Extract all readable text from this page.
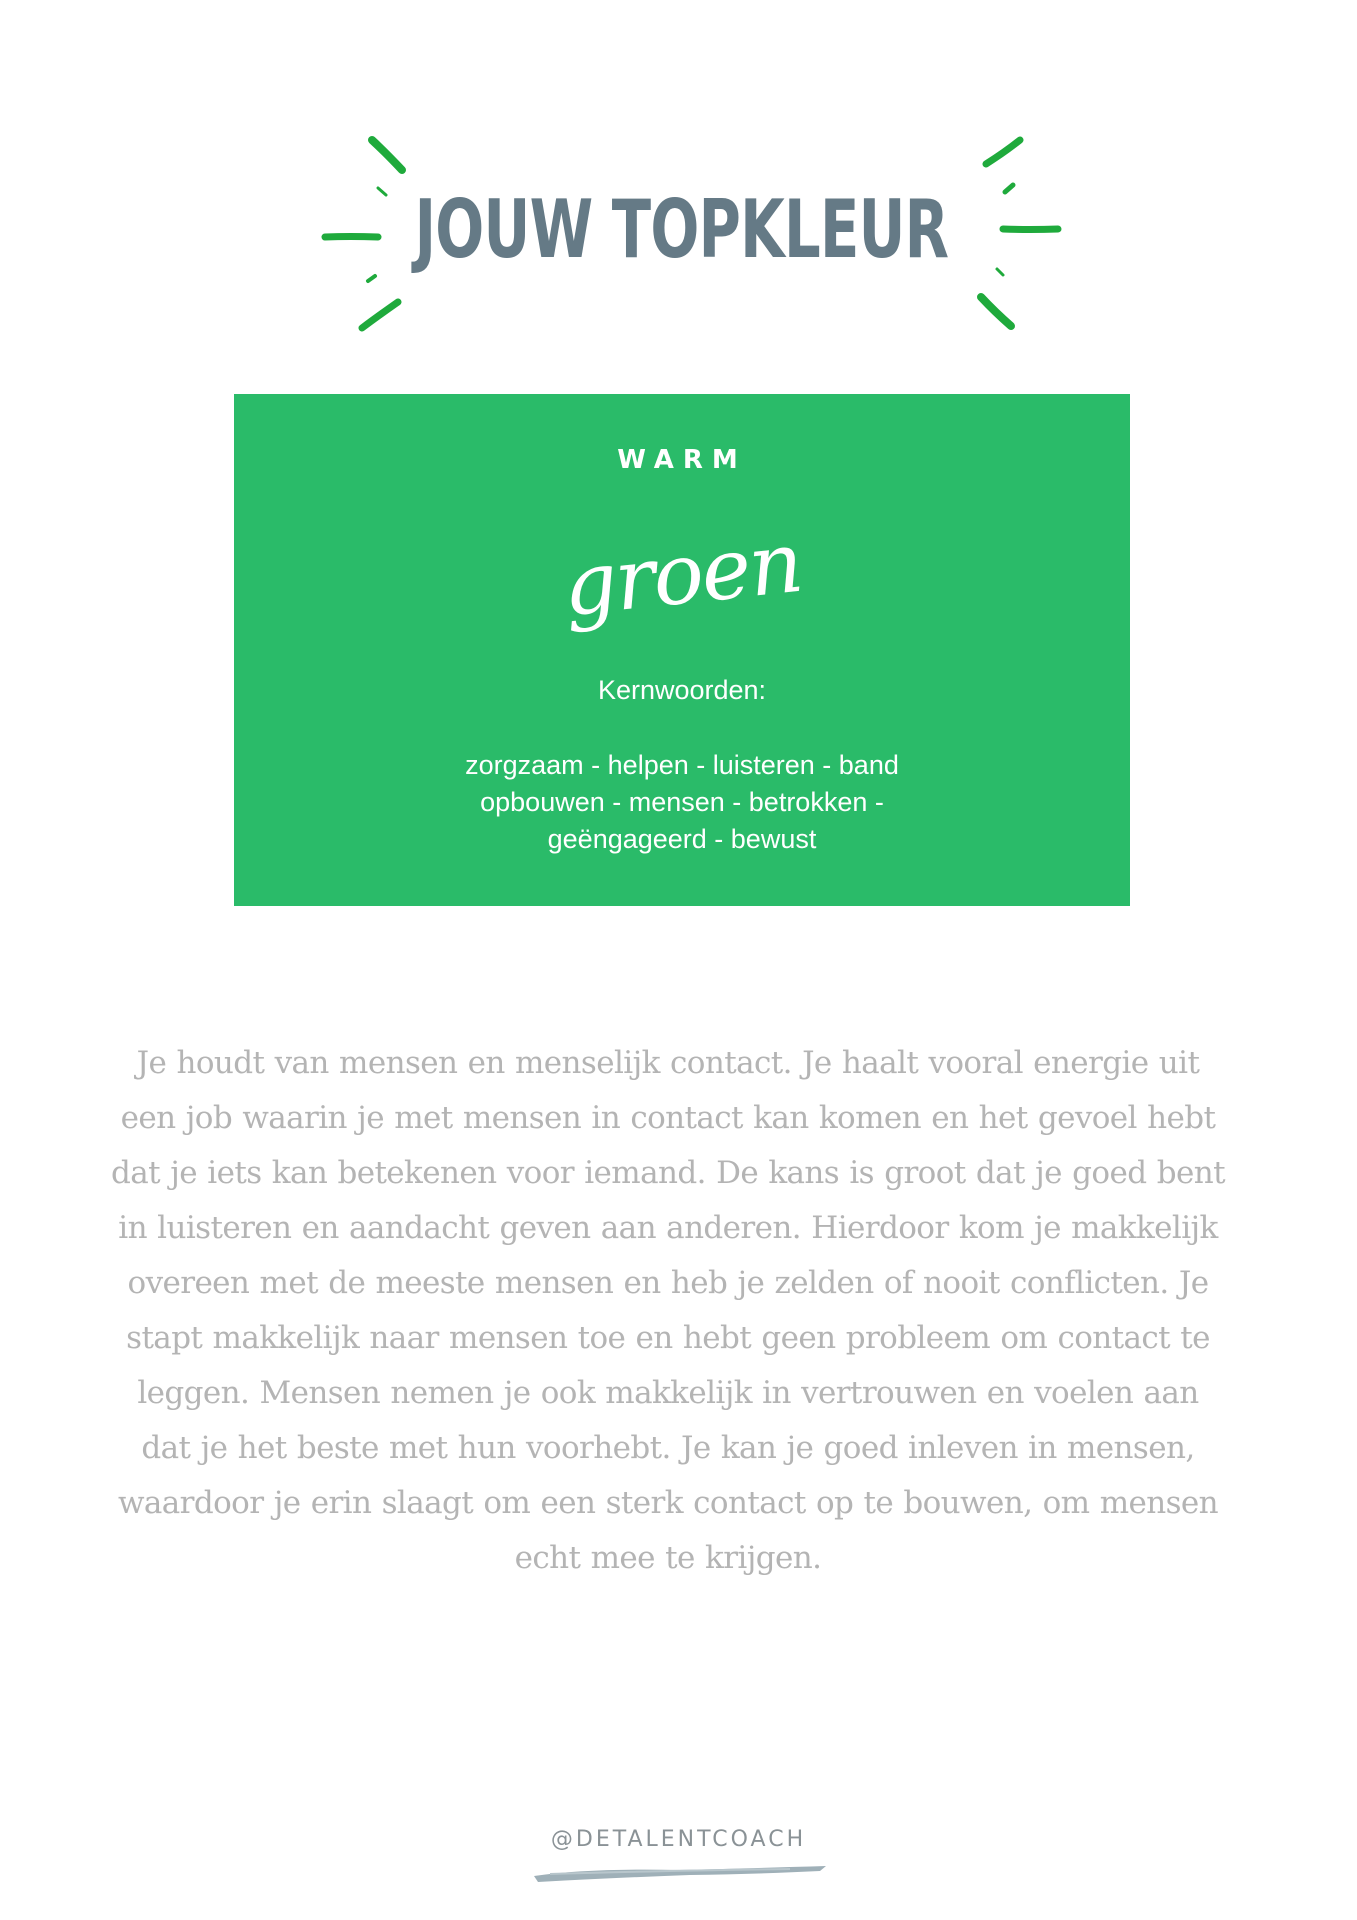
JOUW TOPKLEUR
WARM
groen
Kernwoorden:
zorgzaam - helpen - luisteren - band opbouwen - mensen - betrokken - geëngageerd - bewust
Je houdt van mensen en menselijk contact. Je haalt vooral energie uit een job waarin je met mensen in contact kan komen en het gevoel hebt dat je iets kan betekenen voor iemand. De kans is groot dat je goed bent in luisteren en aandacht geven aan anderen. Hierdoor kom je makkelijk overeen met de meeste mensen en heb je zelden of nooit conflicten. Je stapt makkelijk naar mensen toe en hebt geen probleem om contact te leggen. Mensen nemen je ook makkelijk in vertrouwen en voelen aan dat je het beste met hun voorhebt. Je kan je goed inleven in mensen, waardoor je erin slaagt om een sterk contact op te bouwen, om mensen echt mee te krijgen.
@DETALENTCOACH
